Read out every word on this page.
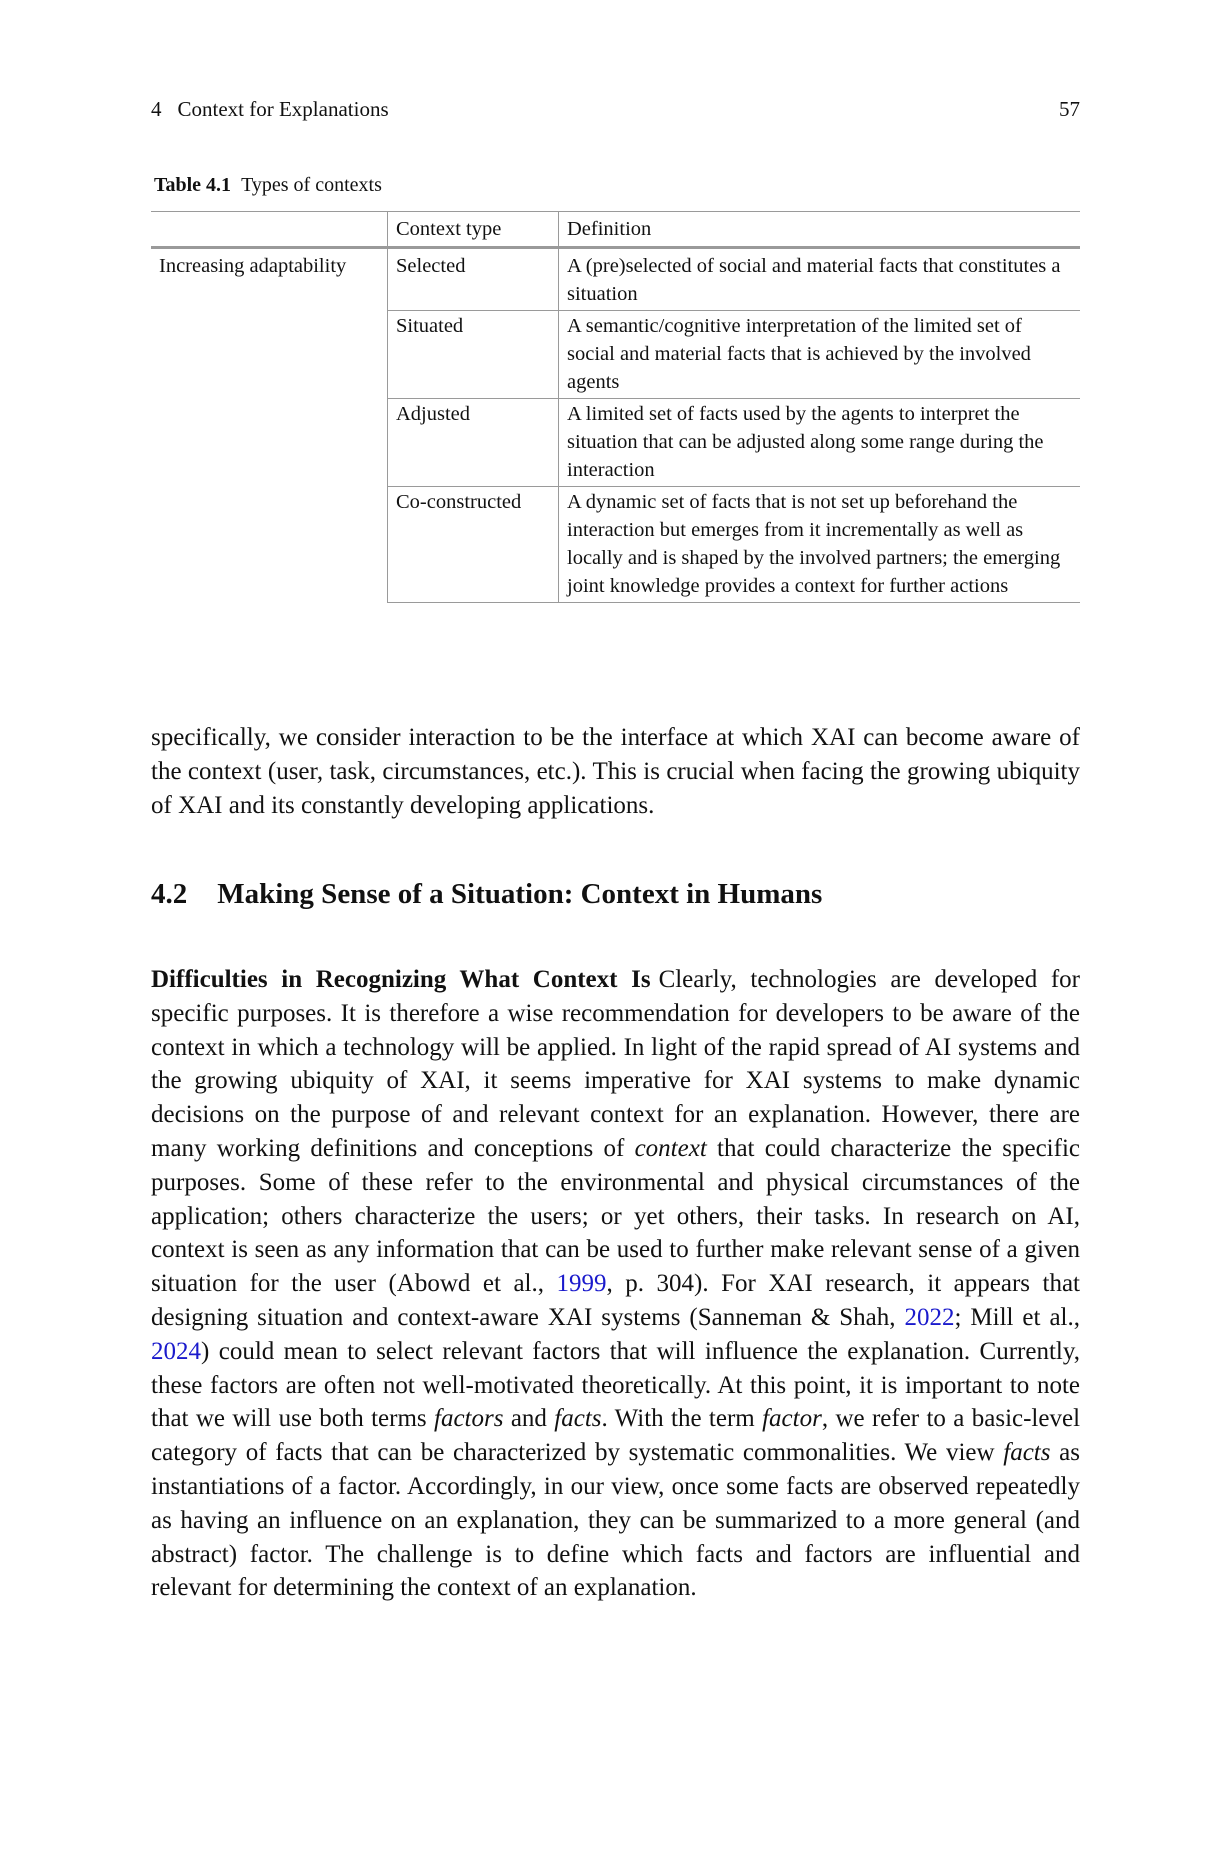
4 Context for Explanations	57
Table 4.1 Types of contexts
	Context type	Definition
Increasing adaptability	Selected	A (pre)selected of social and material facts that constitutes a situation
	Situated	A semantic/cognitive interpretation of the limited set of social and material facts that is achieved by the involved agents
	Adjusted	A limited set of facts used by the agents to interpret the situation that can be adjusted along some range during the interaction
	Co-constructed	A dynamic set of facts that is not set up beforehand the interaction but emerges from it incrementally as well as locally and is shaped by the involved partners; the emerging joint knowledge provides a context for further actions

specifically, we consider interaction to be the interface at which XAI can become aware of the context (user, task, circumstances, etc.). This is crucial when facing the growing ubiquity of XAI and its constantly developing applications.

4.2 Making Sense of a Situation: Context in Humans

Difficulties in Recognizing What Context Is Clearly, technologies are developed for specific purposes. It is therefore a wise recommendation for developers to be aware of the context in which a technology will be applied. In light of the rapid spread of AI systems and the growing ubiquity of XAI, it seems imperative for XAI systems to make dynamic decisions on the purpose of and relevant context for an explanation. However, there are many working definitions and conceptions of context that could characterize the specific purposes. Some of these refer to the environmental and physical circumstances of the application; others characterize the users; or yet others, their tasks. In research on AI, context is seen as any information that can be used to further make relevant sense of a given situation for the user (Abowd et al., 1999, p. 304). For XAI research, it appears that designing situation and context-aware XAI systems (Sanneman & Shah, 2022; Mill et al., 2024) could mean to select relevant factors that will influence the explanation. Currently, these factors are often not well-motivated theoretically. At this point, it is important to note that we will use both terms factors and facts. With the term factor, we refer to a basic-level category of facts that can be characterized by systematic commonalities. We view facts as instantiations of a factor. Accordingly, in our view, once some facts are observed repeatedly as having an influence on an explanation, they can be summarized to a more general (and abstract) factor. The challenge is to define which facts and factors are influential and relevant for determining the context of an explanation.
